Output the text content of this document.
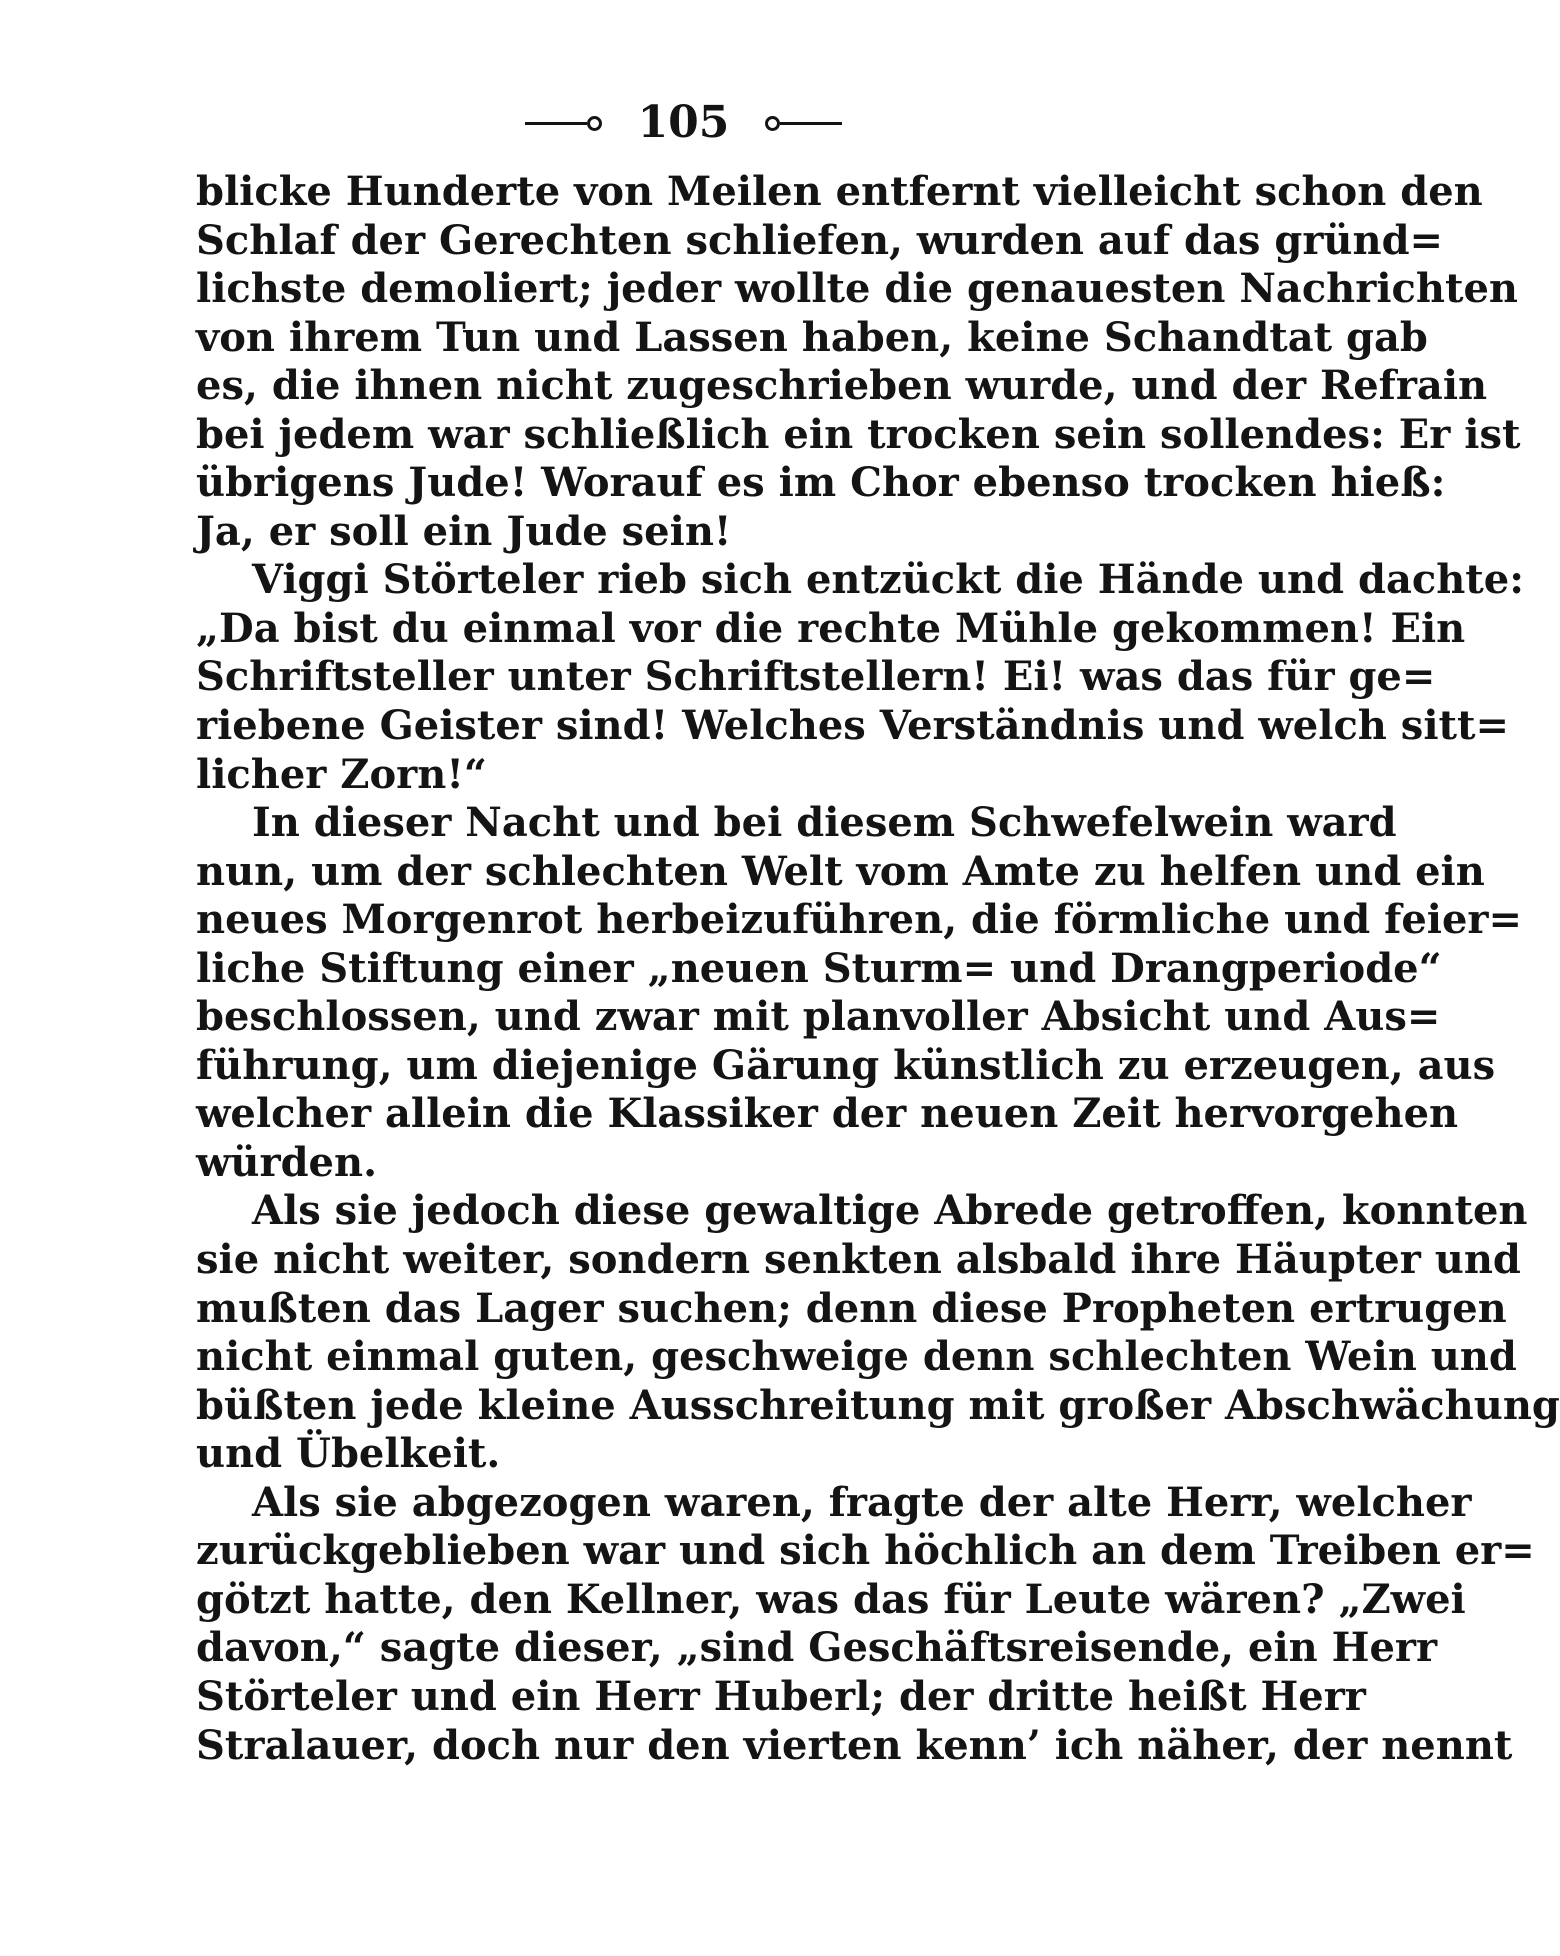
105
blicke Hunderte von Meilen entfernt vielleicht schon den
Schlaf der Gerechten schliefen, wurden auf das gründ=
lichste demoliert; jeder wollte die genauesten Nachrichten
von ihrem Tun und Lassen haben, keine Schandtat gab
es, die ihnen nicht zugeschrieben wurde, und der Refrain
bei jedem war schließlich ein trocken sein sollendes: Er ist
übrigens Jude! Worauf es im Chor ebenso trocken hieß:
Ja, er soll ein Jude sein!
Viggi Störteler rieb sich entzückt die Hände und dachte:
„Da bist du einmal vor die rechte Mühle gekommen! Ein
Schriftsteller unter Schriftstellern! Ei! was das für ge=
riebene Geister sind! Welches Verständnis und welch sitt=
licher Zorn!“
In dieser Nacht und bei diesem Schwefelwein ward
nun, um der schlechten Welt vom Amte zu helfen und ein
neues Morgenrot herbeizuführen, die förmliche und feier=
liche Stiftung einer „neuen Sturm= und Drangperiode“
beschlossen, und zwar mit planvoller Absicht und Aus=
führung, um diejenige Gärung künstlich zu erzeugen, aus
welcher allein die Klassiker der neuen Zeit hervorgehen
würden.
Als sie jedoch diese gewaltige Abrede getroffen, konnten
sie nicht weiter, sondern senkten alsbald ihre Häupter und
mußten das Lager suchen; denn diese Propheten ertrugen
nicht einmal guten, geschweige denn schlechten Wein und
büßten jede kleine Ausschreitung mit großer Abschwächung
und Übelkeit.
Als sie abgezogen waren, fragte der alte Herr, welcher
zurückgeblieben war und sich höchlich an dem Treiben er=
götzt hatte, den Kellner, was das für Leute wären? „Zwei
davon,“ sagte dieser, „sind Geschäftsreisende, ein Herr
Störteler und ein Herr Huberl; der dritte heißt Herr
Stralauer, doch nur den vierten kenn’ ich näher, der nennt
